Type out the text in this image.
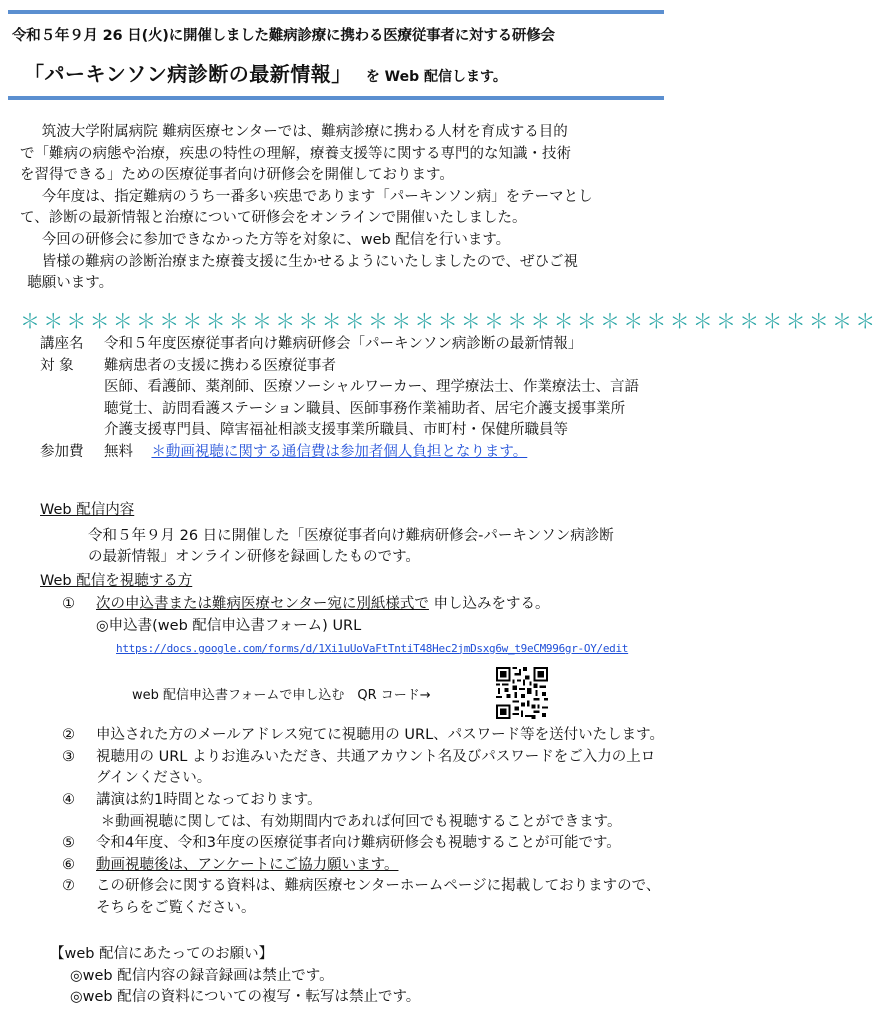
令和５年９月 26 日(火)に開催しました難病診療に携わる医療従事者に対する研修会
「パーキンソン病診断の最新情報」 を Web 配信します。

筑波大学附属病院 難病医療センターでは、難病診療に携わる人材を育成する目的

で「難病の病態や治療，疾患の特性の理解，療養支援等に関する専門的な知識・技術

を習得できる」ための医療従事者向け研修会を開催しております。

今年度は、指定難病のうち一番多い疾患であります「パーキンソン病」をテーマとし

て、診断の最新情報と治療について研修会をオンラインで開催いたしました。

今回の研修会に参加できなかった方等を対象に、web 配信を行います。

皆様の難病の診断治療また療養支援に生かせるようにいたしましたので、ぜひご視

聴願います。

＊＊＊＊＊＊＊＊＊＊＊＊＊＊＊＊＊＊＊＊＊＊＊＊＊＊＊＊＊＊＊＊＊＊＊＊＊
講座名	令和５年度医療従事者向け難病研修会「パーキンソン病診断の最新情報」
対 象	難病患者の支援に携わる医療従事者
医師、看護師、薬剤師、医療ソーシャルワーカー、理学療法士、作業療法士、言語
聴覚士、訪問看護ステーション職員、医師事務作業補助者、居宅介護支援事業所
介護支援専門員、障害福祉相談支援事業所職員、市町村・保健所職員等
参加費	無料 ＊動画視聴に関する通信費は参加者個人負担となります。
Web 配信内容

令和５年９月 26 日に開催した「医療従事者向け難病研修会-パーキンソン病診断

の最新情報」オンライン研修を録画したものです。

Web 配信を視聴する方
①	次の申込書または難病医療センター宛に別紙様式で 申し込みをする。
◎申込書(web 配信申込書フォーム) URL
https://docs.google.com/forms/d/1Xi1uUoVaFtTntiT48Hec2jmDsxg6w_t9eCM996gr-OY/edit
web 配信申込書フォームで申し込む　QR コード→
②	申込された方のメールアドレス宛てに視聴用の URL、パスワード等を送付いたします。
③	視聴用の URL よりお進みいただき、共通アカウント名及びパスワードをご入力の上ロ
グインください。
④	講演は約1時間となっております。
＊動画視聴に関しては、有効期間内であれば何回でも視聴することができます。
⑤	令和4年度、令和3年度の医療従事者向け難病研修会も視聴することが可能です。
⑥	動画視聴後は、アンケートにご協力願います。
⑦	この研修会に関する資料は、難病医療センターホームページに掲載しておりますので、
そちらをご覧ください。

【web 配信にあたってのお願い】

◎web 配信内容の録音録画は禁止です。

◎web 配信の資料についての複写・転写は禁止です。
